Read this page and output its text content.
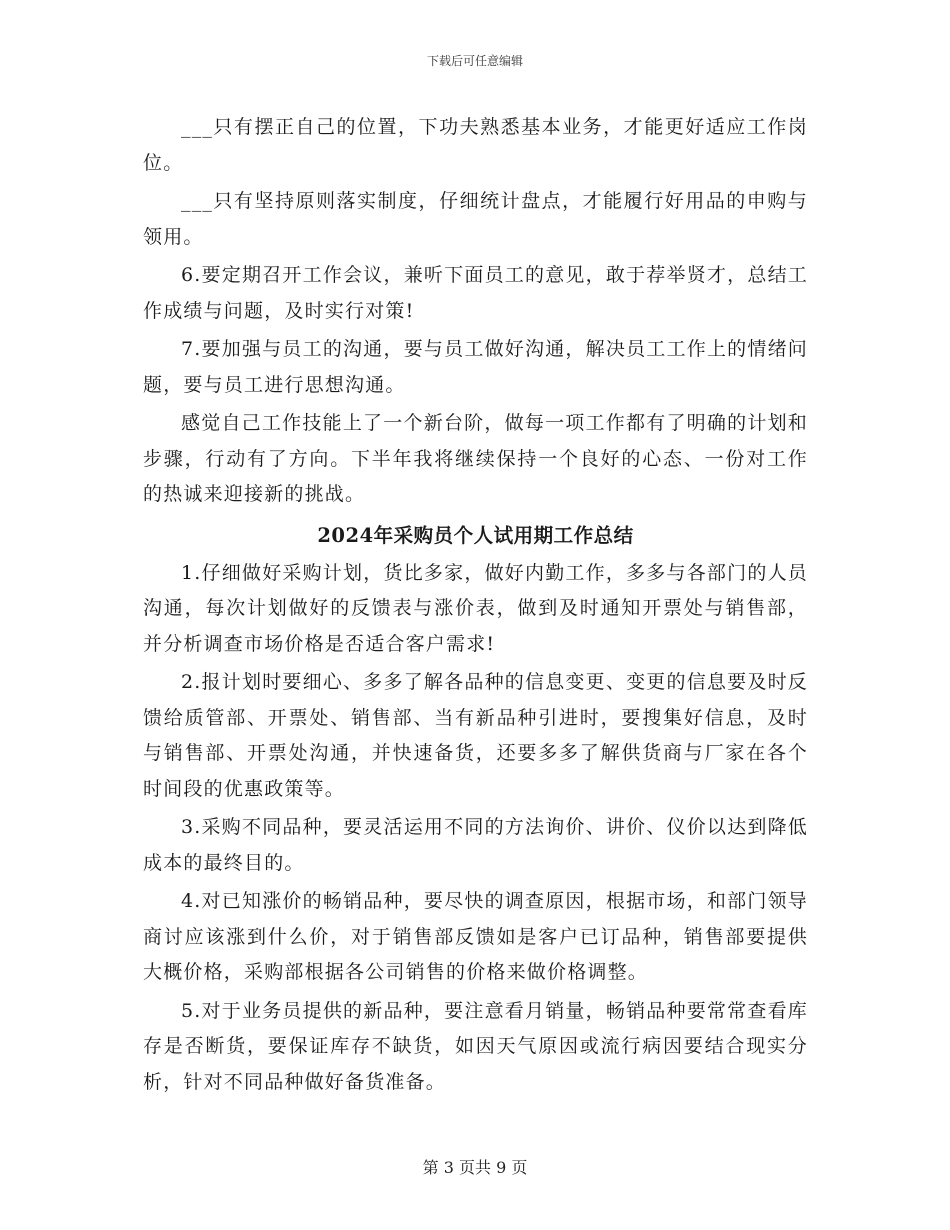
下载后可任意编辑

___只有摆正自己的位置，下功夫熟悉基本业务，才能更好适应工作岗位。

___只有坚持原则落实制度，仔细统计盘点，才能履行好用品的申购与领用。

6.要定期召开工作会议，兼听下面员工的意见，敢于荐举贤才，总结工作成绩与问题，及时实行对策!

7.要加强与员工的沟通，要与员工做好沟通，解决员工工作上的情绪问题，要与员工进行思想沟通。

感觉自己工作技能上了一个新台阶，做每一项工作都有了明确的计划和步骤，行动有了方向。下半年我将继续保持一个良好的心态、一份对工作的热诚来迎接新的挑战。

2024年采购员个人试用期工作总结

1.仔细做好采购计划，货比多家，做好内勤工作，多多与各部门的人员沟通，每次计划做好的反馈表与涨价表，做到及时通知开票处与销售部，并分析调查市场价格是否适合客户需求!

2.报计划时要细心、多多了解各品种的信息变更、变更的信息要及时反馈给质管部、开票处、销售部、当有新品种引进时，要搜集好信息，及时与销售部、开票处沟通，并快速备货，还要多多了解供货商与厂家在各个时间段的优惠政策等。

3.采购不同品种，要灵活运用不同的方法询价、讲价、仪价以达到降低成本的最终目的。

4.对已知涨价的畅销品种，要尽快的调查原因，根据市场，和部门领导商讨应该涨到什么价，对于销售部反馈如是客户已订品种，销售部要提供大概价格，采购部根据各公司销售的价格来做价格调整。

5.对于业务员提供的新品种，要注意看月销量，畅销品种要常常查看库存是否断货，要保证库存不缺货，如因天气原因或流行病因要结合现实分析，针对不同品种做好备货准备。

第 3 页共 9 页
